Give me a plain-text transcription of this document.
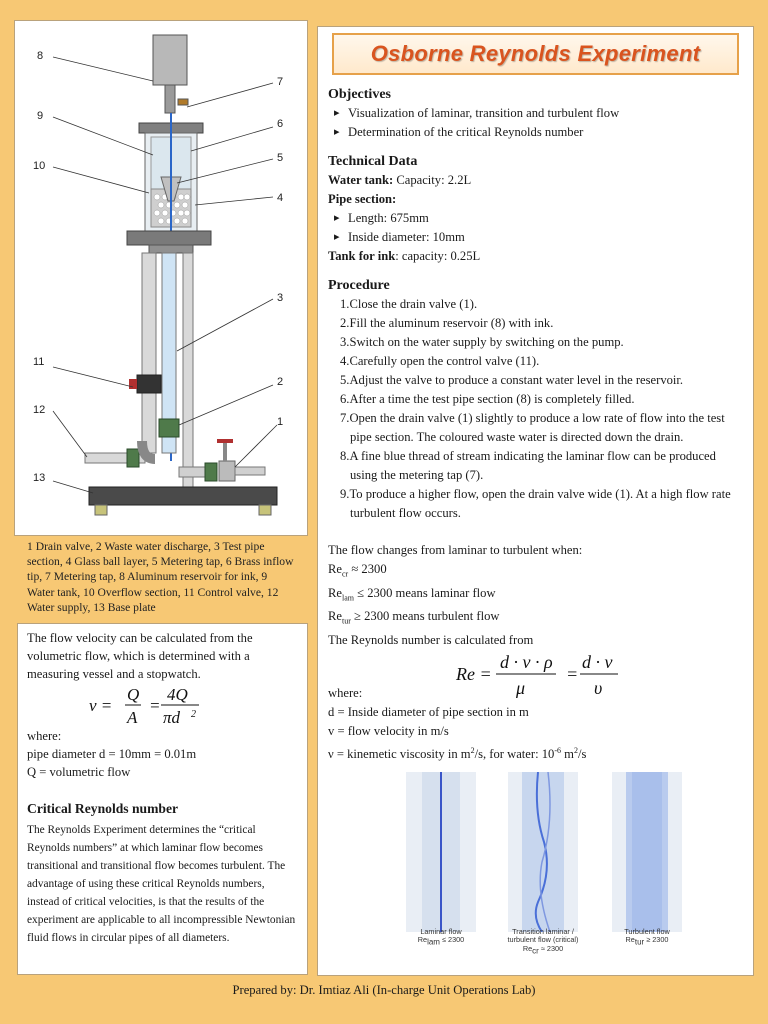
8
7
9
6
10
5
4
3
11
2
12
1
13
1 Drain valve, 2 Waste water discharge, 3 Test pipe section, 4 Glass ball layer, 5 Metering tap, 6 Brass inflow tip, 7 Metering tap, 8 Aluminum reservoir for ink, 9 Water tank, 10 Overflow section, 11 Control valve, 12 Water supply, 13 Base plate
The flow velocity can be calculated from the volumetric flow, which is determined with a measuring vessel and a stopwatch.
v =
Q
A
=
4Q
πd 2
where:
pipe diameter d = 10mm = 0.01m
Q = volumetric flow
Critical Reynolds number
The Reynolds Experiment determines the “critical Reynolds numbers” at which laminar flow becomes transitional and transitional flow becomes turbulent. The advantage of using these critical Reynolds numbers, instead of critical velocities, is that the results of the experiment are applicable to all incompressible Newtonian fluid flows in circular pipes of all diameters.
Osborne Reynolds Experiment
Objectives
▸ Visualization of laminar, transition and turbulent flow
▸ Determination of the critical Reynolds number
Technical Data
Water tank: Capacity: 2.2L
Pipe section:
▸ Length: 675mm
▸ Inside diameter: 10mm
Tank for ink: capacity: 0.25L
Procedure
1.Close the drain valve (1).
2.Fill the aluminum reservoir (8) with ink.
3.Switch on the water supply by switching on the pump.
4.Carefully open the control valve (11).
5.Adjust the valve to produce a constant water level in the reservoir.
6.After a time the test pipe section (8) is completely filled.
7.Open the drain valve (1) slightly to produce a low rate of flow into the test pipe section. The coloured waste water is directed down the drain.
8.A fine blue thread of stream indicating the laminar flow can be produced using the metering tap (7).
9.To produce a higher flow, open the drain valve wide (1). At a high flow rate turbulent flow occurs.
The flow changes from laminar to turbulent when:
$Re_{cr} \approx 2300$
$Re_{lam} \le 2300$ means laminar flow
$Re_{tur} \ge 2300$ means turbulent flow
The Reynolds number is calculated from
Re =
d · v · ρ
μ
=
d · v
υ
where:
d = Inside diameter of pipe section in m
v = flow velocity in m/s
ν = kinemetic viscosity in $m^2/s$, for water: $10^{-6}$ $m^2/s$
Laminar flow
$Re_{lam} \le 2300$
Transition laminar /
turbulent flow (critical)
$Re_{cr} \approx 2300$
Turbulent flow
$Re_{tur} \ge 2300$
Prepared by: Dr. Imtiaz Ali (In-charge Unit Operations Lab)
